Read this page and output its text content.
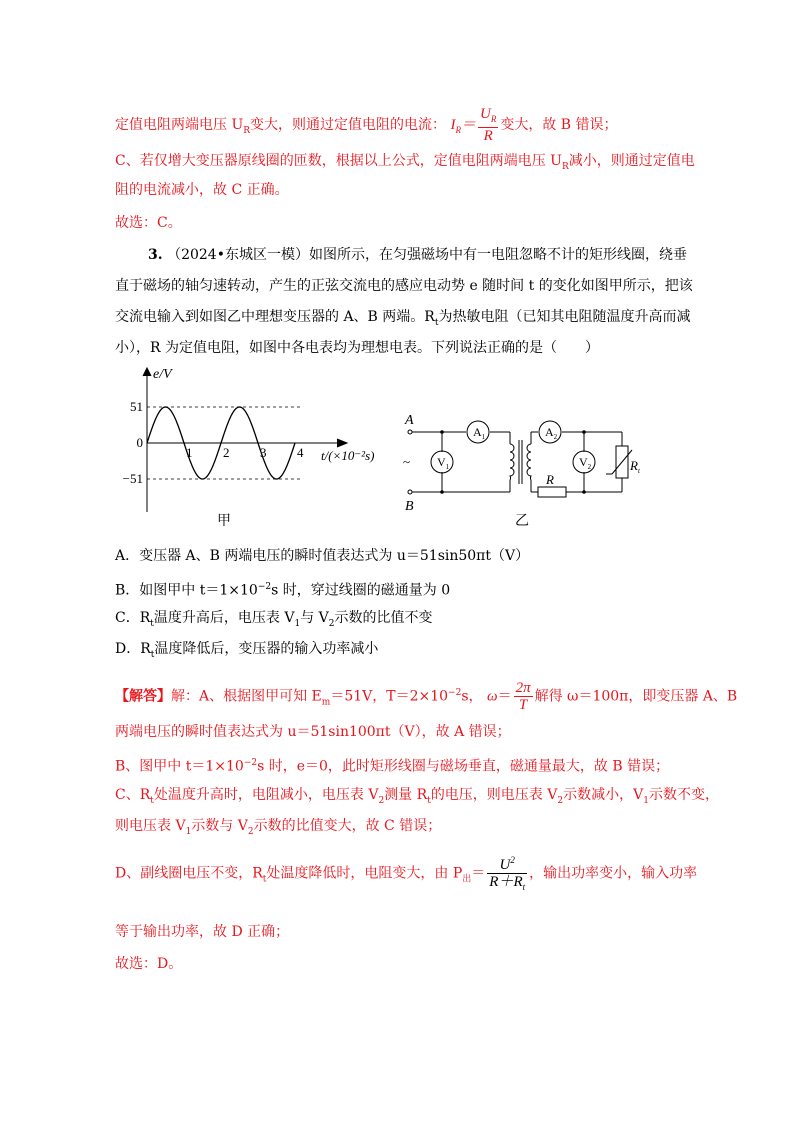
定值电阻两端电压 $U_R$变大，则通过定值电阻的电流： $I_R= \frac{U_R}{R}$ 变大，故 B 错误；
C、若仅增大变压器原线圈的匝数，根据以上公式，定值电阻两端电压 $U_R$减小，则通过定值电
阻的电流减小，故 C 正确。
故选：C。
3. （2024•东城区一模）如图所示，在匀强磁场中有一电阻忽略不计的矩形线圈，绕垂
直于磁场的轴匀速转动，产生的正弦交流电的感应电动势 e 随时间 t 的变化如图甲所示，把该
交流电输入到如图乙中理想变压器的 A、B 两端。$R_t$为热敏电阻（已知其电阻随温度升高而减
小），R 为定值电阻，如图中各电表均为理想电表。下列说法正确的是（　　）
51
0
−51
1 2 3 4
e/V
t/(×10⁻²s)
甲
A
B
~
$A_1$
$V_1$
$A_2$
$V_2$
R
$R_t$
乙
A．变压器 A、B 两端电压的瞬时值表达式为 u＝51sin50πt（V）
B．如图甲中 $t=1\times 10^{-2}s$ 时，穿过线圈的磁通量为 0
C．$R_t$温度升高后，电压表 $V_1$与 $V_2$示数的比值不变
D．$R_t$温度降低后，变压器的输入功率减小
【解答】解：A、根据图甲可知 $E_m=51V$，$T=2\times 10^{-2}s$， $\omega= \frac{2\pi}{T}$ 解得 ω＝100π，即变压器 A、B
两端电压的瞬时值表达式为 u＝51sin100πt（V），故 A 错误；
B、图甲中 $t=1\times 10^{-2}s$ 时，e＝0，此时矩形线圈与磁场垂直，磁通量最大，故 B 错误；
C、$R_t$处温度升高时，电阻减小，电压表 $V_2$测量 $R_t$的电压，则电压表 $V_2$示数减小，$V_1$示数不变，
则电压表 $V_1$示数与 $V_2$示数的比值变大，故 C 错误；
D、副线圈电压不变，$R_t$处温度降低时，电阻变大，由 $P_出= \frac{U^2}{R+R_t}$ ，输出功率变小，输入功率
等于输出功率，故 D 正确；
故选：D。
